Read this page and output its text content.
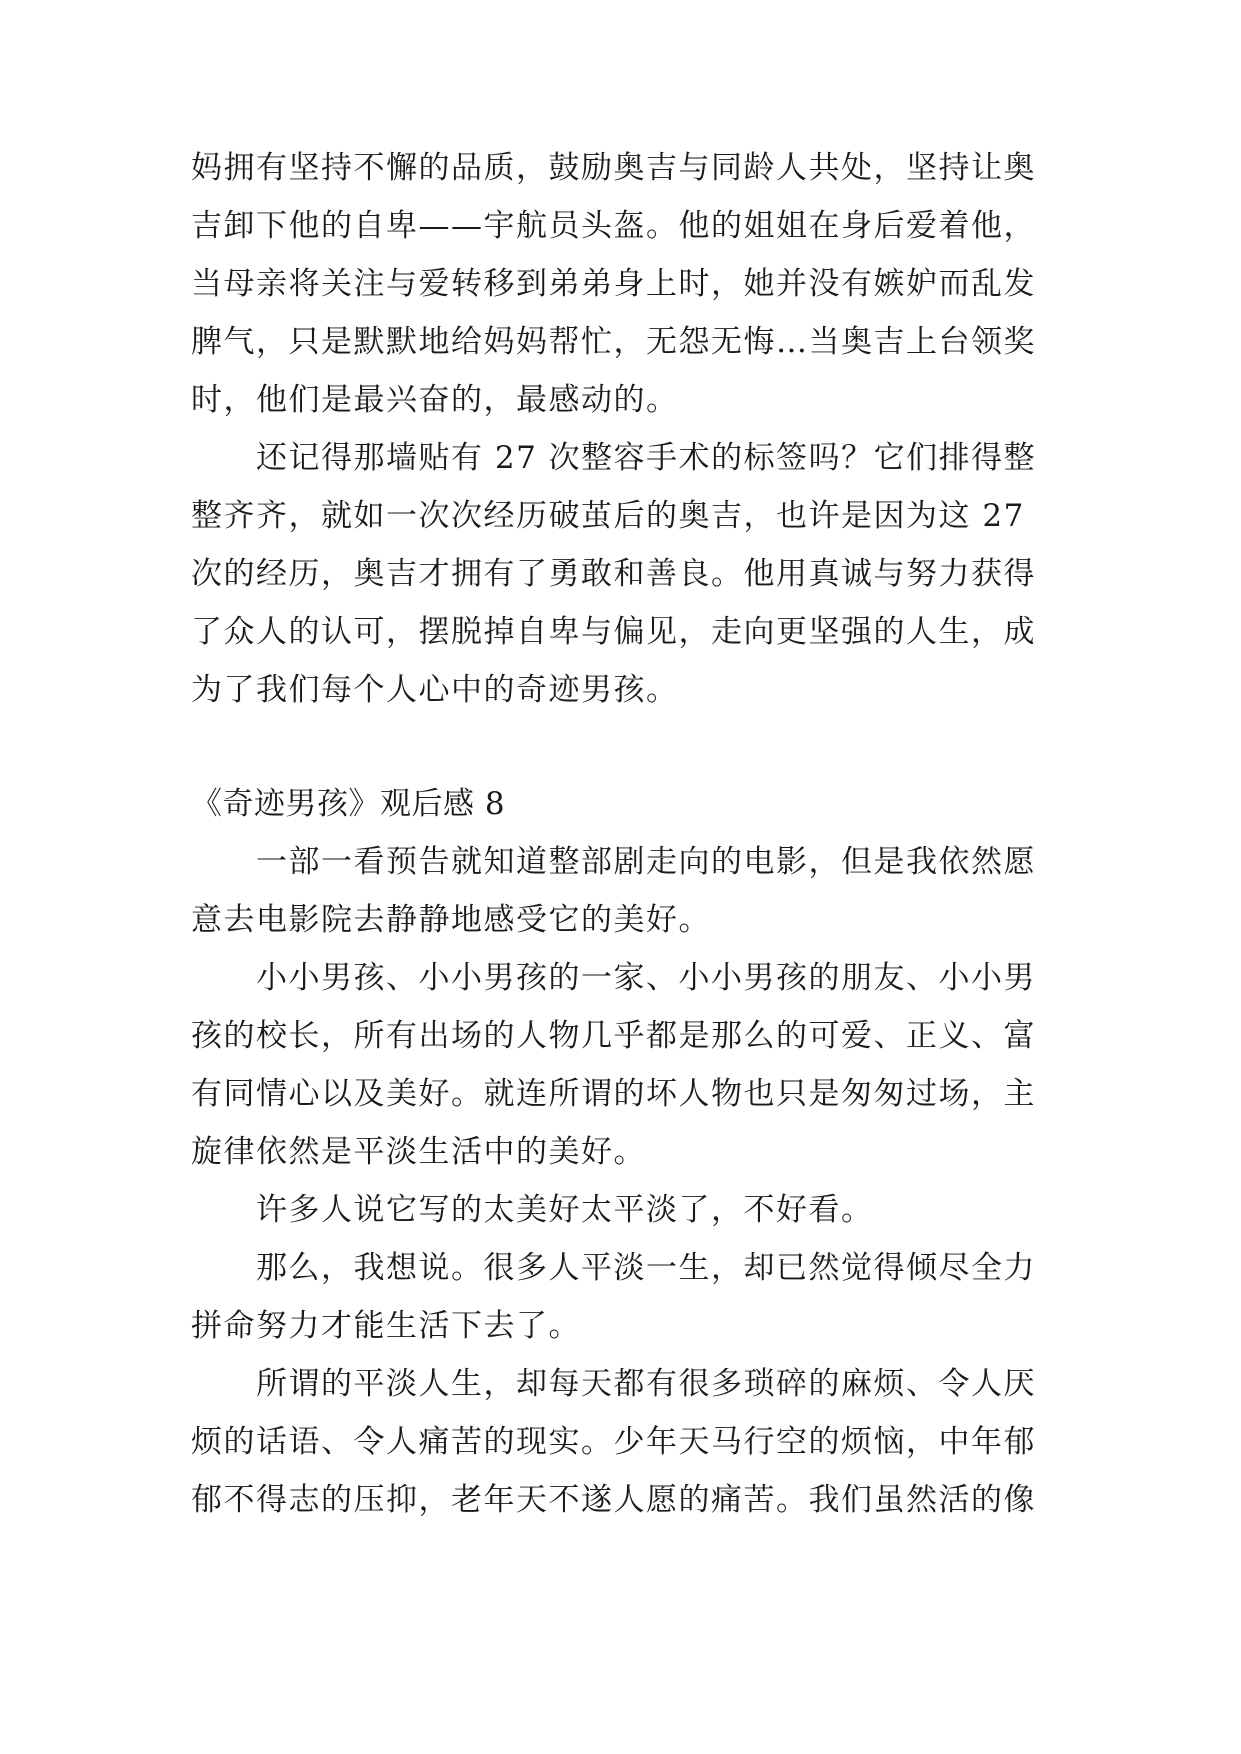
妈拥有坚持不懈的品质，鼓励奥吉与同龄人共处，坚持让奥
吉卸下他的自卑——宇航员头盔。他的姐姐在身后爱着他，
当母亲将关注与爱转移到弟弟身上时，她并没有嫉妒而乱发
脾气，只是默默地给妈妈帮忙，无怨无悔…当奥吉上台领奖
时，他们是最兴奋的，最感动的。
还记得那墙贴有 27 次整容手术的标签吗？它们排得整
整齐齐，就如一次次经历破茧后的奥吉，也许是因为这 27
次的经历，奥吉才拥有了勇敢和善良。他用真诚与努力获得
了众人的认可，摆脱掉自卑与偏见，走向更坚强的人生，成
为了我们每个人心中的奇迹男孩。
《奇迹男孩》观后感 8
一部一看预告就知道整部剧走向的电影，但是我依然愿
意去电影院去静静地感受它的美好。
小小男孩、小小男孩的一家、小小男孩的朋友、小小男
孩的校长，所有出场的人物几乎都是那么的可爱、正义、富
有同情心以及美好。就连所谓的坏人物也只是匆匆过场，主
旋律依然是平淡生活中的美好。
许多人说它写的太美好太平淡了，不好看。
那么，我想说。很多人平淡一生，却已然觉得倾尽全力
拼命努力才能生活下去了。
所谓的平淡人生，却每天都有很多琐碎的麻烦、令人厌
烦的话语、令人痛苦的现实。少年天马行空的烦恼，中年郁
郁不得志的压抑，老年天不遂人愿的痛苦。我们虽然活的像
